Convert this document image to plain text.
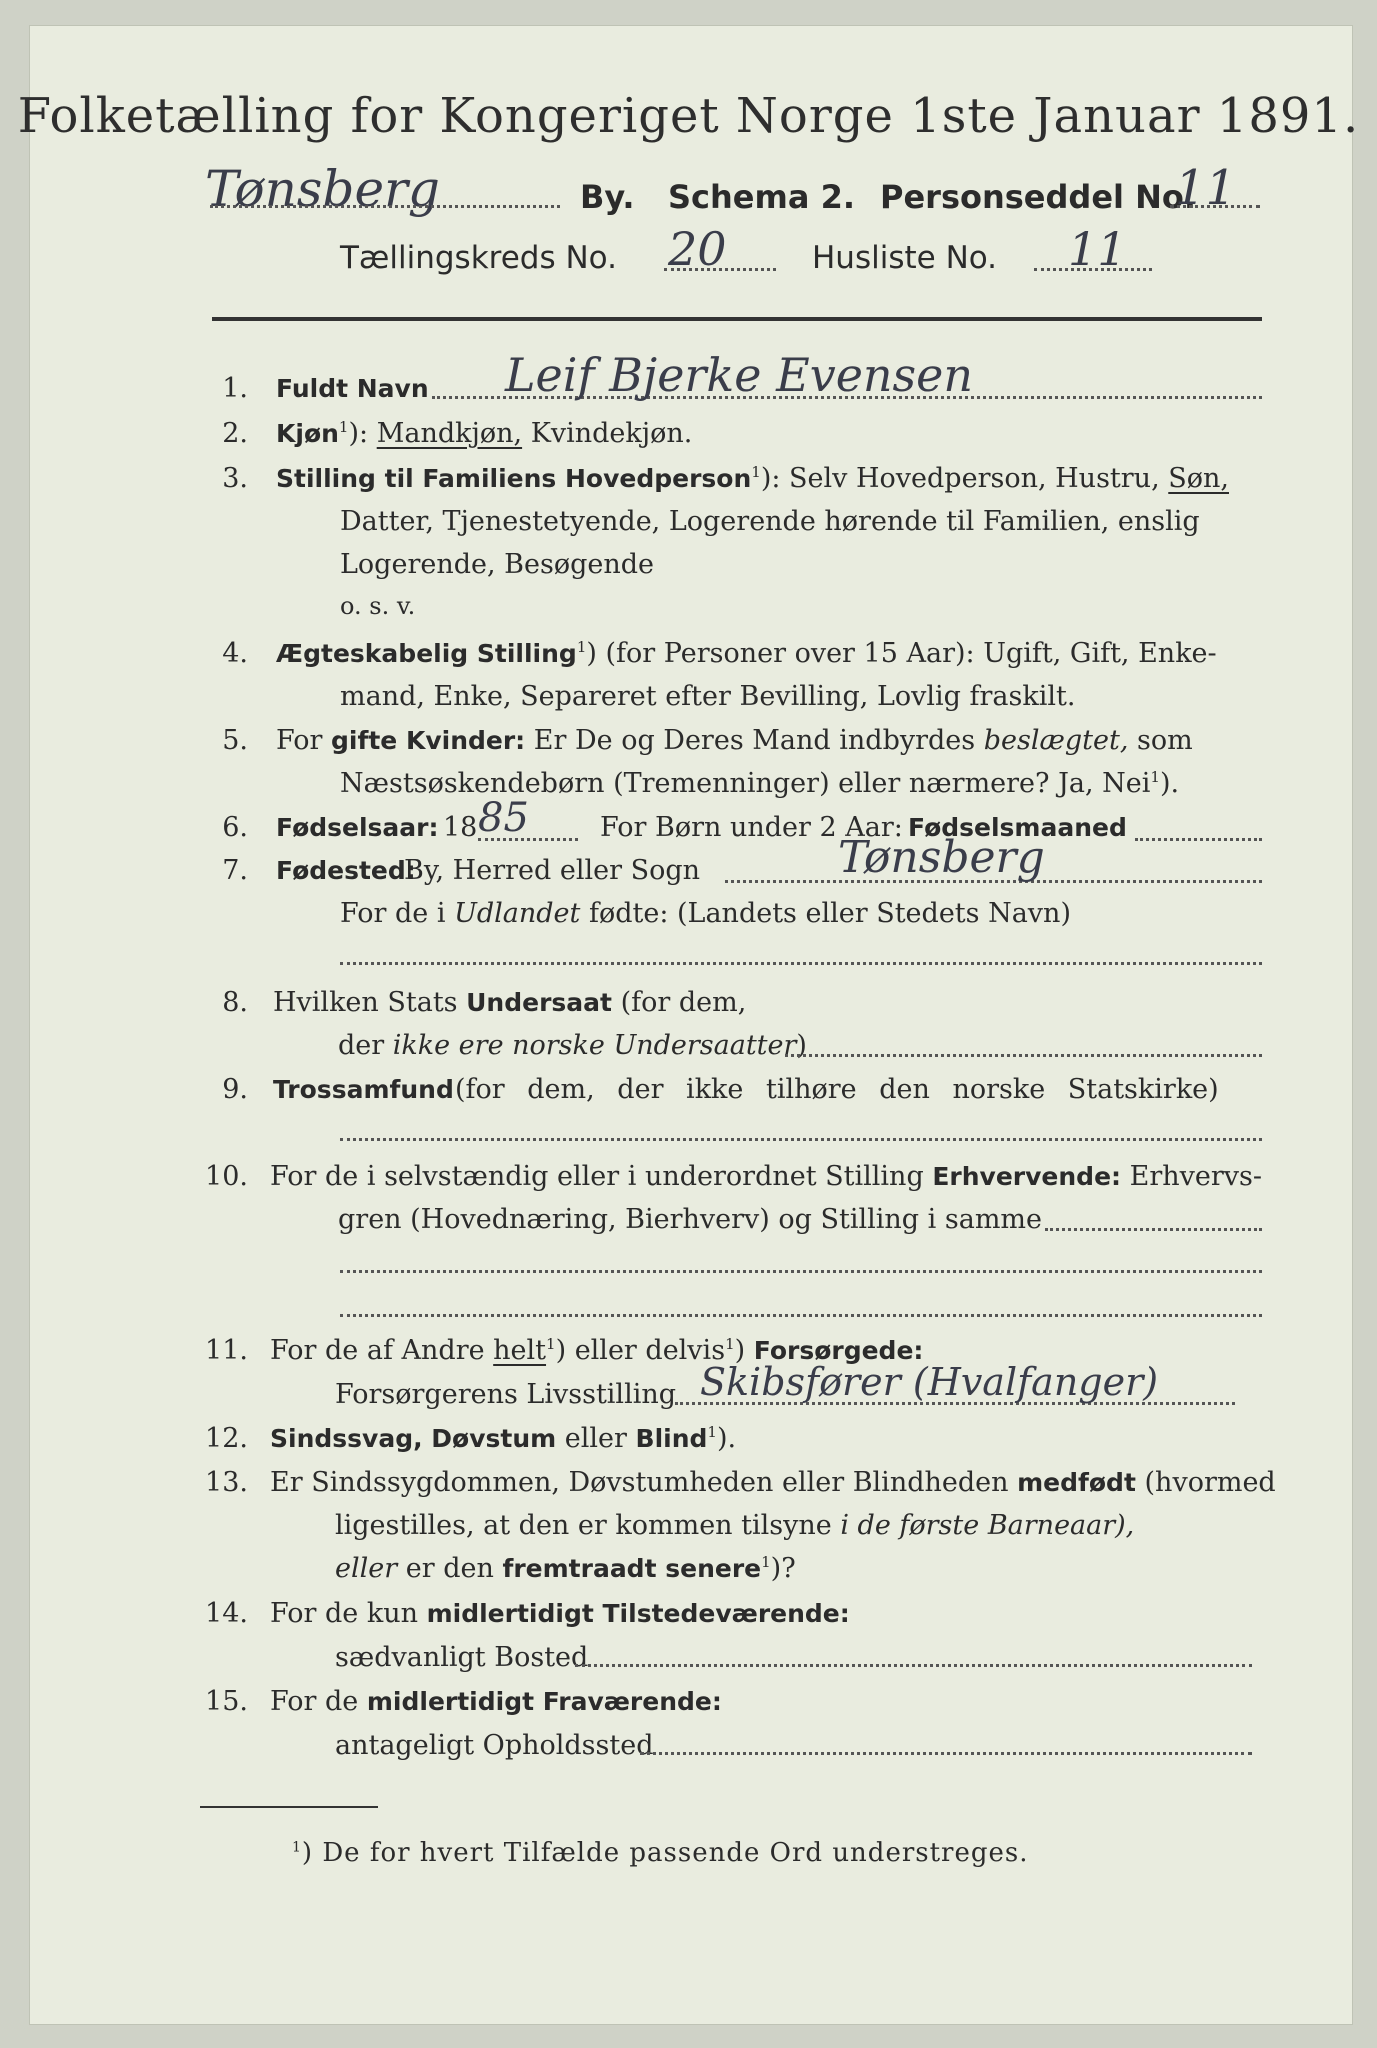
Folketælling for Kongeriget Norge 1ste Januar 1891.
Tønsberg	By. Schema 2. Personseddel No.
11
Tællingskreds No. 20	Husliste No. 11
1. Fuldt Navn Leif Bjerke Evensen
2. Kjøn$^1$): Mandkjøn, Kvindekjøn.
3. Stilling til Familiens Hovedperson$^1$): Selv Hovedperson, Hustru, Søn,
Datter, Tjenestetyende, Logerende hørende til Familien, enslig
Logerende, Besøgende
o. s. v.
4. Ægteskabelig Stilling$^1$) (for Personer over 15 Aar): Ugift, Gift, Enke-
mand, Enke, Separeret efter Bevilling, Lovlig fraskilt.
5. For gifte Kvinder: Er De og Deres Mand indbyrdes beslægtet, som
Næstsøskendebørn (Tremenninger) eller nærmere? Ja, Nei$^1$).
6. Fødselsaar: 18 85	For Børn under 2 Aar: Fødselsmaaned
7. Fødested:
By, Herred eller Sogn	Tønsberg
For de i Udlandet fødte: (Landets eller Stedets Navn)
8. Hvilken Stats Undersaat (for dem,
der ikke ere norske Undersaatter)
9. Trossamfund (for dem, der ikke tilhøre den norske Statskirke)
10. For de i selvstændig eller i underordnet Stilling Erhvervende: Erhvervs-
gren (Hovednæring, Bierhverv) og Stilling i samme
11. For de af Andre helt$^1$) eller delvis$^1$) Forsørgede:
Forsørgerens Livsstilling Skibsfører (Hvalfanger)
12. Sindssvag, Døvstum eller Blind$^1$).
13. Er Sindssygdommen, Døvstumheden eller Blindheden medfødt (hvormed
ligestilles, at den er kommen tilsyne i de første Barneaar),
eller er den fremtraadt senere$^1$)?
14. For de kun midlertidigt Tilstedeværende:
sædvanligt Bosted
15. For de midlertidigt Fraværende:
antageligt Opholdssted
$^1$) De for hvert Tilfælde passende Ord understreges.
